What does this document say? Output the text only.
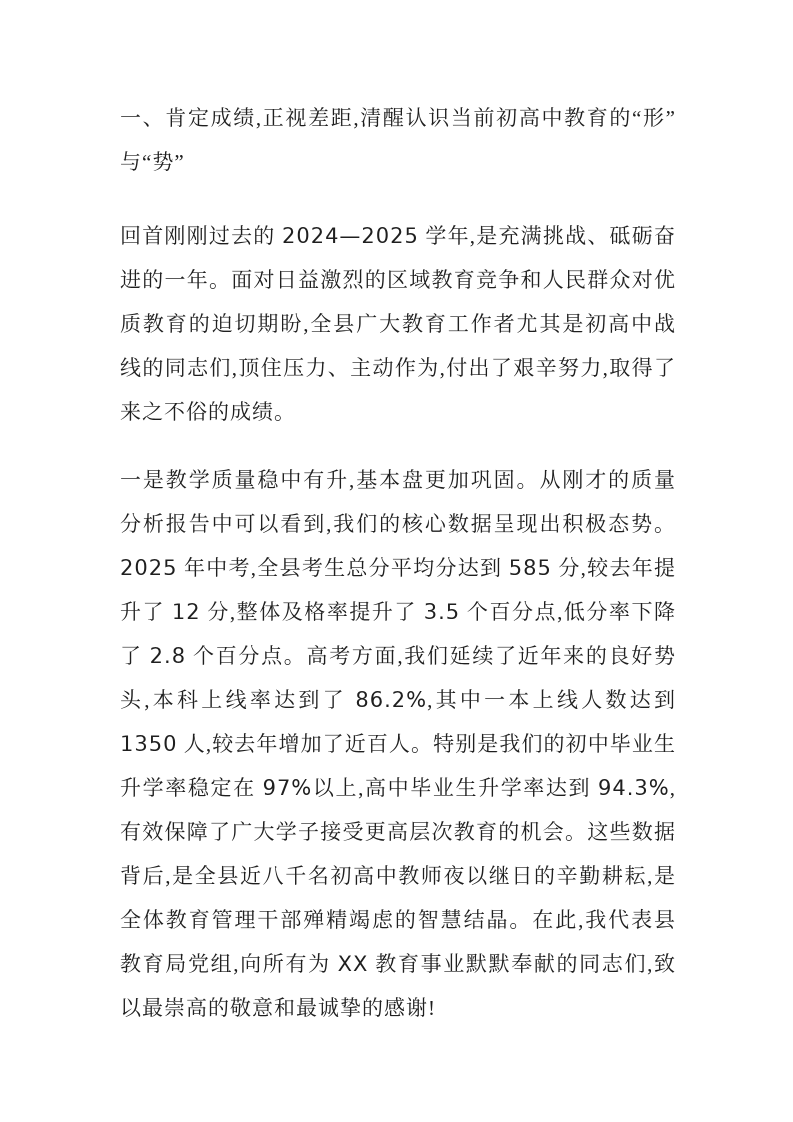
一、肯定成绩,正视差距,清醒认识当前初高中教育的“形”与“势”

回首刚刚过去的 2024—2025 学年,是充满挑战、砥砺奋进的一年。面对日益激烈的区域教育竞争和人民群众对优质教育的迫切期盼,全县广大教育工作者尤其是初高中战线的同志们,顶住压力、主动作为,付出了艰辛努力,取得了来之不俗的成绩。

一是教学质量稳中有升,基本盘更加巩固。从刚才的质量分析报告中可以看到,我们的核心数据呈现出积极态势。2025 年中考,全县考生总分平均分达到 585 分,较去年提升了 12 分,整体及格率提升了 3.5 个百分点,低分率下降了 2.8 个百分点。高考方面,我们延续了近年来的良好势头,本科上线率达到了 86.2%,其中一本上线人数达到 1350 人,较去年增加了近百人。特别是我们的初中毕业生升学率稳定在 97%以上,高中毕业生升学率达到 94.3%,有效保障了广大学子接受更高层次教育的机会。这些数据背后,是全县近八千名初高中教师夜以继日的辛勤耕耘,是全体教育管理干部殚精竭虑的智慧结晶。在此,我代表县教育局党组,向所有为 XX 教育事业默默奉献的同志们,致以最崇高的敬意和最诚挚的感谢!
